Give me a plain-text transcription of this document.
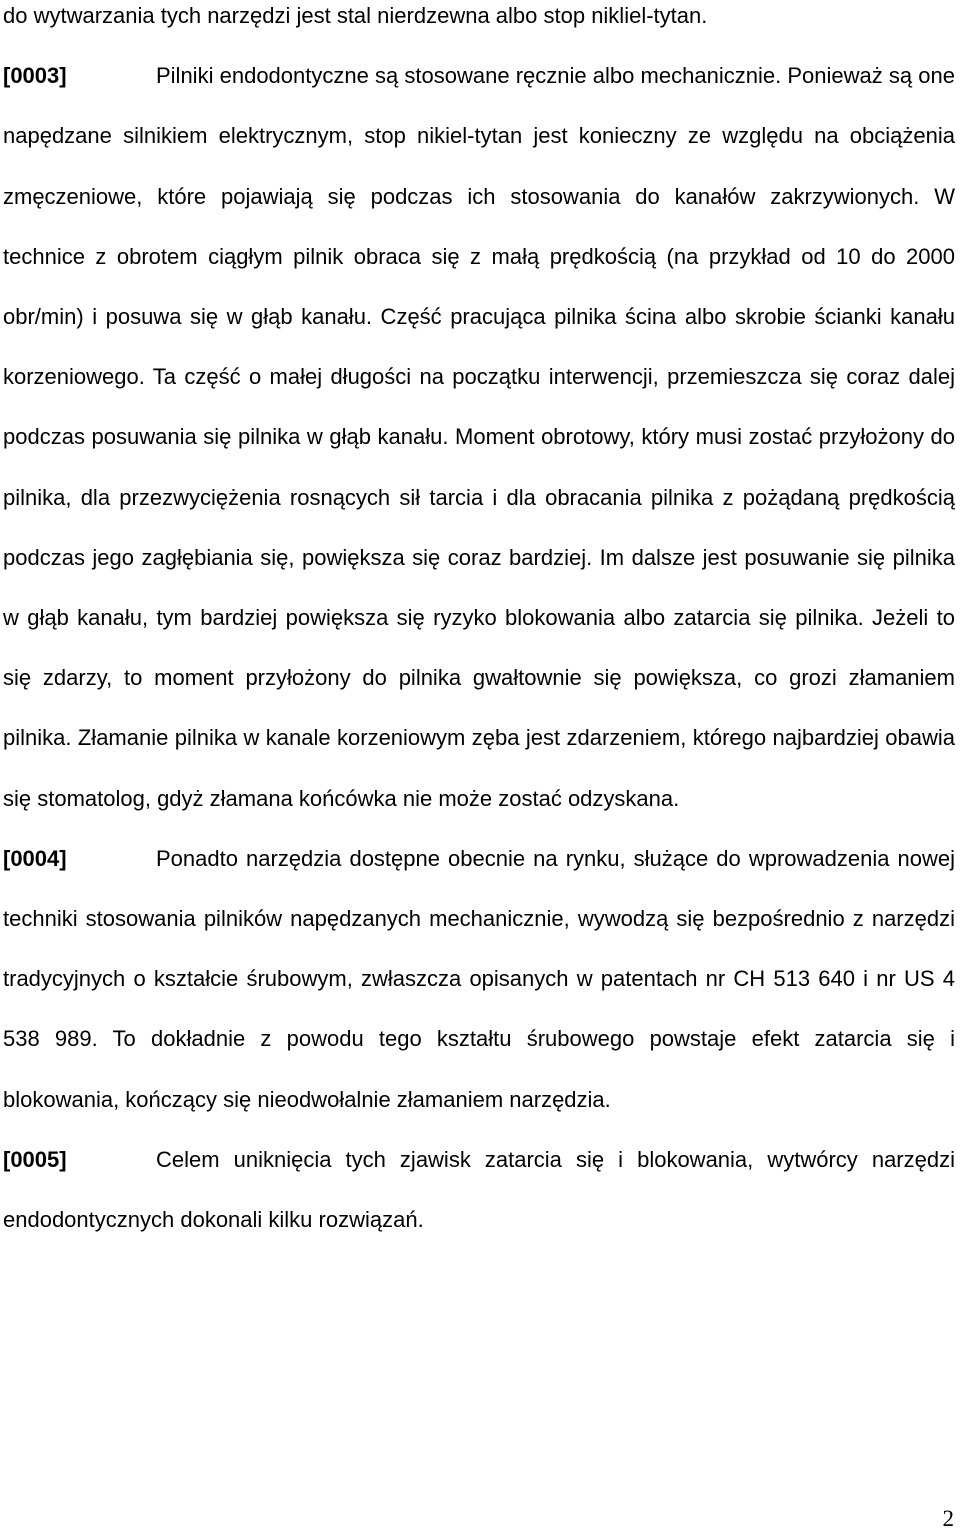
do wytwarzania tych narzędzi jest stal nierdzewna albo stop nikliel-tytan.

[0003]	Pilniki endodontyczne są stosowane ręcznie albo mechanicznie. Ponieważ są one napędzane silnikiem elektrycznym, stop nikiel-tytan jest konieczny ze względu na obciążenia zmęczeniowe, które pojawiają się podczas ich stosowania do kanałów zakrzywionych. W technice z obrotem ciągłym pilnik obraca się z małą prędkością (na przykład od 10 do 2000 obr/min) i posuwa się w głąb kanału. Część pracująca pilnika ścina albo skrobie ścianki kanału korzeniowego. Ta część o małej długości na początku interwencji, przemieszcza się coraz dalej podczas posuwania się pilnika w głąb kanału. Moment obrotowy, który musi zostać przyłożony do pilnika, dla przezwyciężenia rosnących sił tarcia i dla obracania pilnika z pożądaną prędkością podczas jego zagłębiania się, powiększa się coraz bardziej. Im dalsze jest posuwanie się pilnika w głąb kanału, tym bardziej powiększa się ryzyko blokowania albo zatarcia się pilnika. Jeżeli to się zdarzy, to moment przyłożony do pilnika gwałtownie się powiększa, co grozi złamaniem pilnika. Złamanie pilnika w kanale korzeniowym zęba jest zdarzeniem, którego najbardziej obawia się stomatolog, gdyż złamana końcówka nie może zostać odzyskana.

[0004]	Ponadto narzędzia dostępne obecnie na rynku, służące do wprowadzenia nowej techniki stosowania pilników napędzanych mechanicznie, wywodzą się bezpośrednio z narzędzi tradycyjnych o kształcie śrubowym, zwłaszcza opisanych w patentach nr CH 513 640 i nr US 4 538 989. To dokładnie z powodu tego kształtu śrubowego powstaje efekt zatarcia się i blokowania, kończący się nieodwołalnie złamaniem narzędzia.

[0005]	Celem uniknięcia tych zjawisk zatarcia się i blokowania, wytwórcy narzędzi endodontycznych dokonali kilku rozwiązań.

2
